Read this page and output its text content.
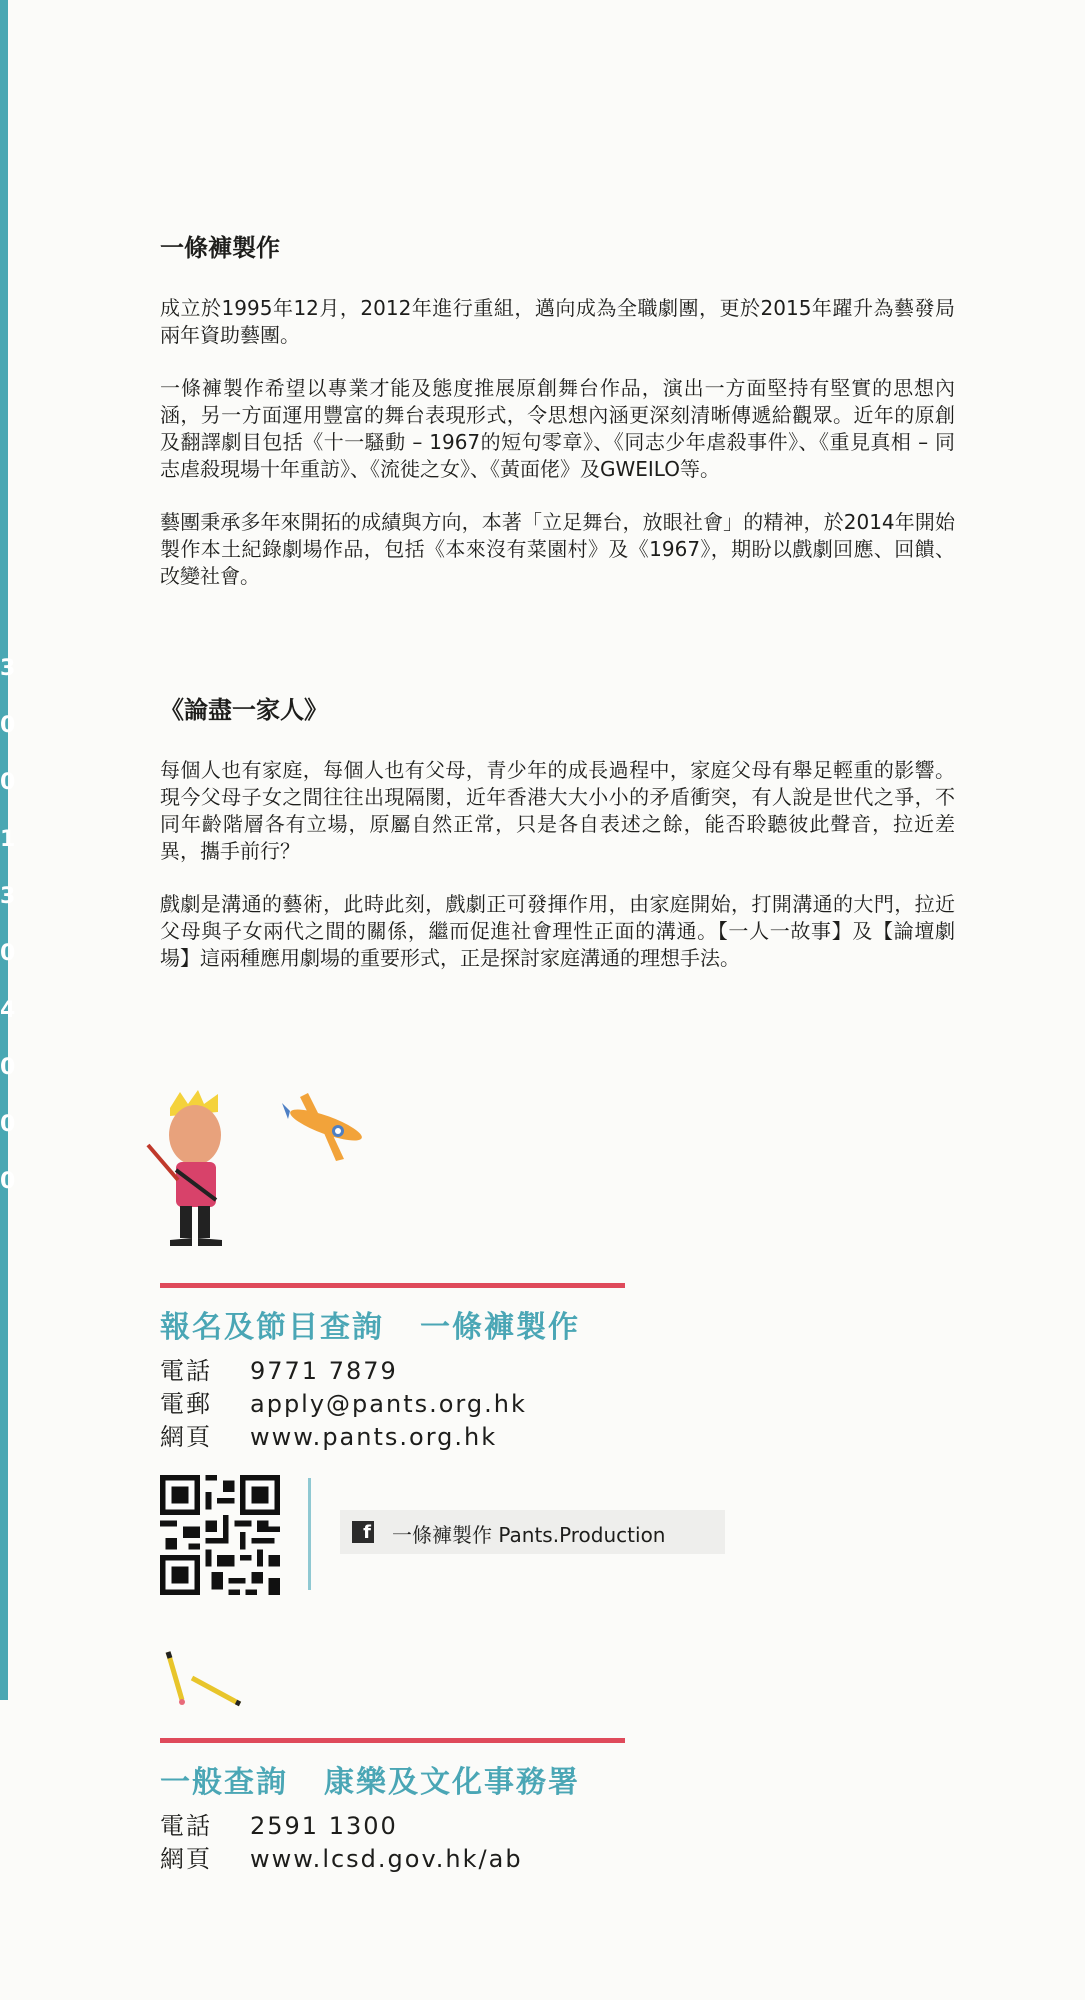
3
0
0
1
3
0
4
0
0
0
一條褲製作

成立於1995年12月，2012年進行重組，邁向成為全職劇團，更於2015年躍升為藝發局兩年資助藝團。

一條褲製作希望以專業才能及態度推展原創舞台作品，演出一方面堅持有堅實的思想內涵，另一方面運用豐富的舞台表現形式，令思想內涵更深刻清晰傳遞給觀眾。近年的原創及翻譯劇目包括《十一騷動 – 1967的短句零章》、《同志少年虐殺事件》、《重見真相 – 同志虐殺現場十年重訪》、《流徙之女》、《黃面佬》及GWEILO等。

藝團秉承多年來開拓的成績與方向，本著「立足舞台，放眼社會」的精神，於2014年開始製作本土紀錄劇場作品，包括《本來沒有菜園村》及《1967》，期盼以戲劇回應、回饋、改變社會。

《論盡一家人》

每個人也有家庭，每個人也有父母，青少年的成長過程中，家庭父母有舉足輕重的影響。現今父母子女之間往往出現隔閡，近年香港大大小小的矛盾衝突，有人說是世代之爭，不同年齡階層各有立場，原屬自然正常，只是各自表述之餘，能否聆聽彼此聲音，拉近差異，攜手前行？

戲劇是溝通的藝術，此時此刻，戲劇正可發揮作用，由家庭開始，打開溝通的大門，拉近父母與子女兩代之間的關係，繼而促進社會理性正面的溝通。【一人一故事】及【論壇劇場】這兩種應用劇場的重要形式，正是探討家庭溝通的理想手法。

報名及節目查詢 一條褲製作
電話 9771 7879
電郵 apply@pants.org.hk
網頁 www.pants.org.hk
f 一條褲製作 Pants.Production
一般查詢 康樂及文化事務署
電話 2591 1300
網頁 www.lcsd.gov.hk/ab
